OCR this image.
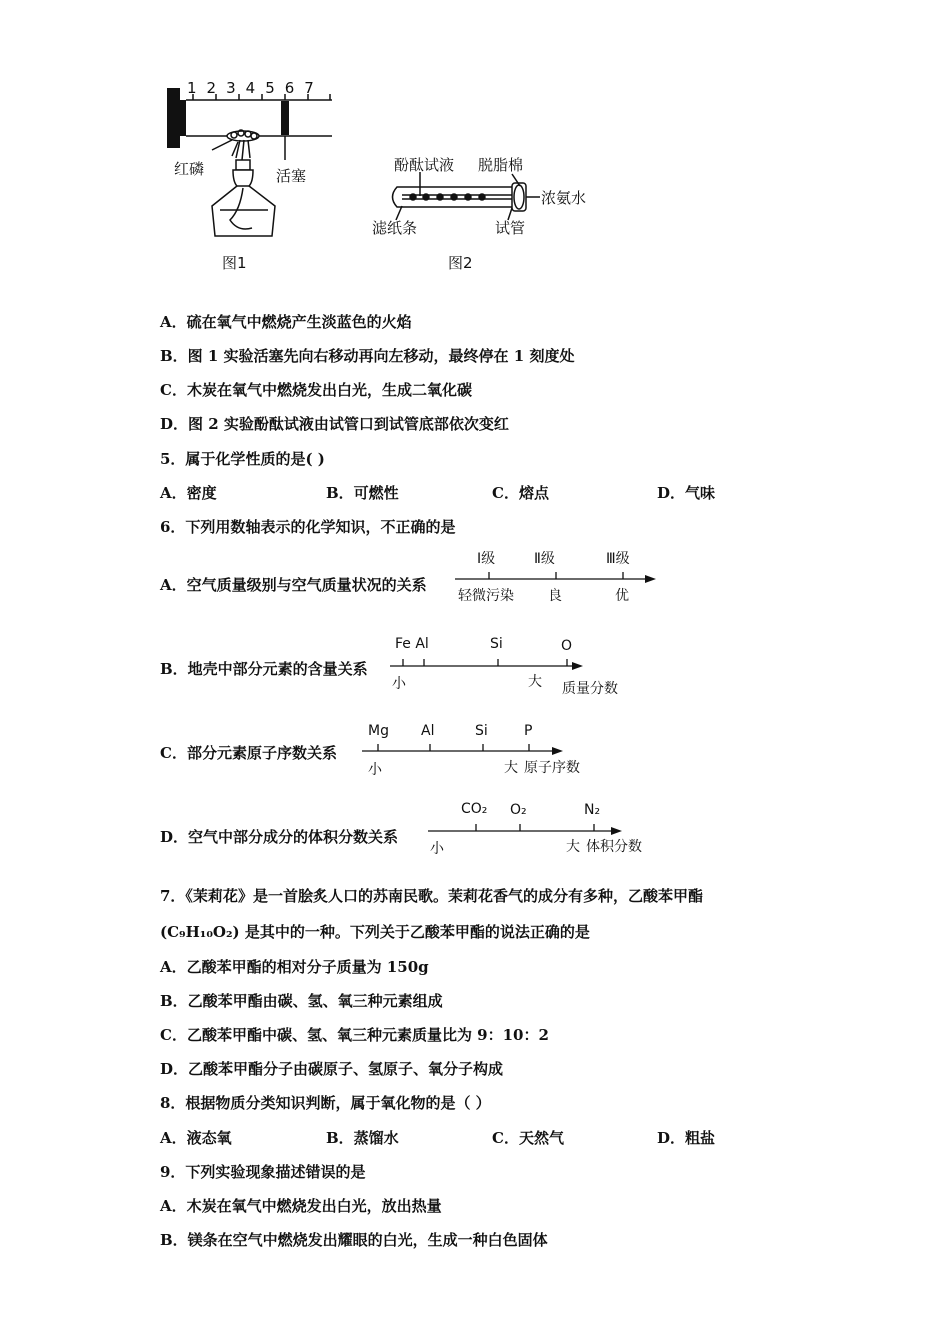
1234567
红磷	活塞
图1
酚酞试液 脱脂棉
浓氨水
滤纸条	试管
图2
A．硫在氧气中燃烧产生淡蓝色的火焰
B．图 1 实验活塞先向右移动再向左移动，最终停在 1 刻度处
C．木炭在氧气中燃烧发出白光，生成二氧化碳
D．图 2 实验酚酞试液由试管口到试管底部依次变红
5．属于化学性质的是( )
A．密度	B．可燃性	C．熔点	D．气味
6．下列用数轴表示的化学知识，不正确的是
A．空气质量级别与空气质量状况的关系
Ⅰ级	Ⅱ级	Ⅲ级
轻微污染 良	优
B．地壳中部分元素的含量关系
Fe Al	Si	O
小	大 质量分数
C．部分元素原子序数关系
Mg Al	Si	P
小	大 原子序数
D．空气中部分成分的体积分数关系
CO₂ O₂	N₂
小	大 体积分数
7．《茉莉花》是一首脍炙人口的苏南民歌。茉莉花香气的成分有多种，乙酸苯甲酯
(C₉H₁₀O₂) 是其中的一种。下列关于乙酸苯甲酯的说法正确的是
A．乙酸苯甲酯的相对分子质量为 150g
B．乙酸苯甲酯由碳、氢、氧三种元素组成
C．乙酸苯甲酯中碳、氢、氧三种元素质量比为 9：10：2
D．乙酸苯甲酯分子由碳原子、氢原子、氧分子构成
8．根据物质分类知识判断，属于氧化物的是（ ）
A．液态氧	B．蒸馏水	C．天然气	D．粗盐
9．下列实验现象描述错误的是
A．木炭在氧气中燃烧发出白光，放出热量
B．镁条在空气中燃烧发出耀眼的白光，生成一种白色固体
